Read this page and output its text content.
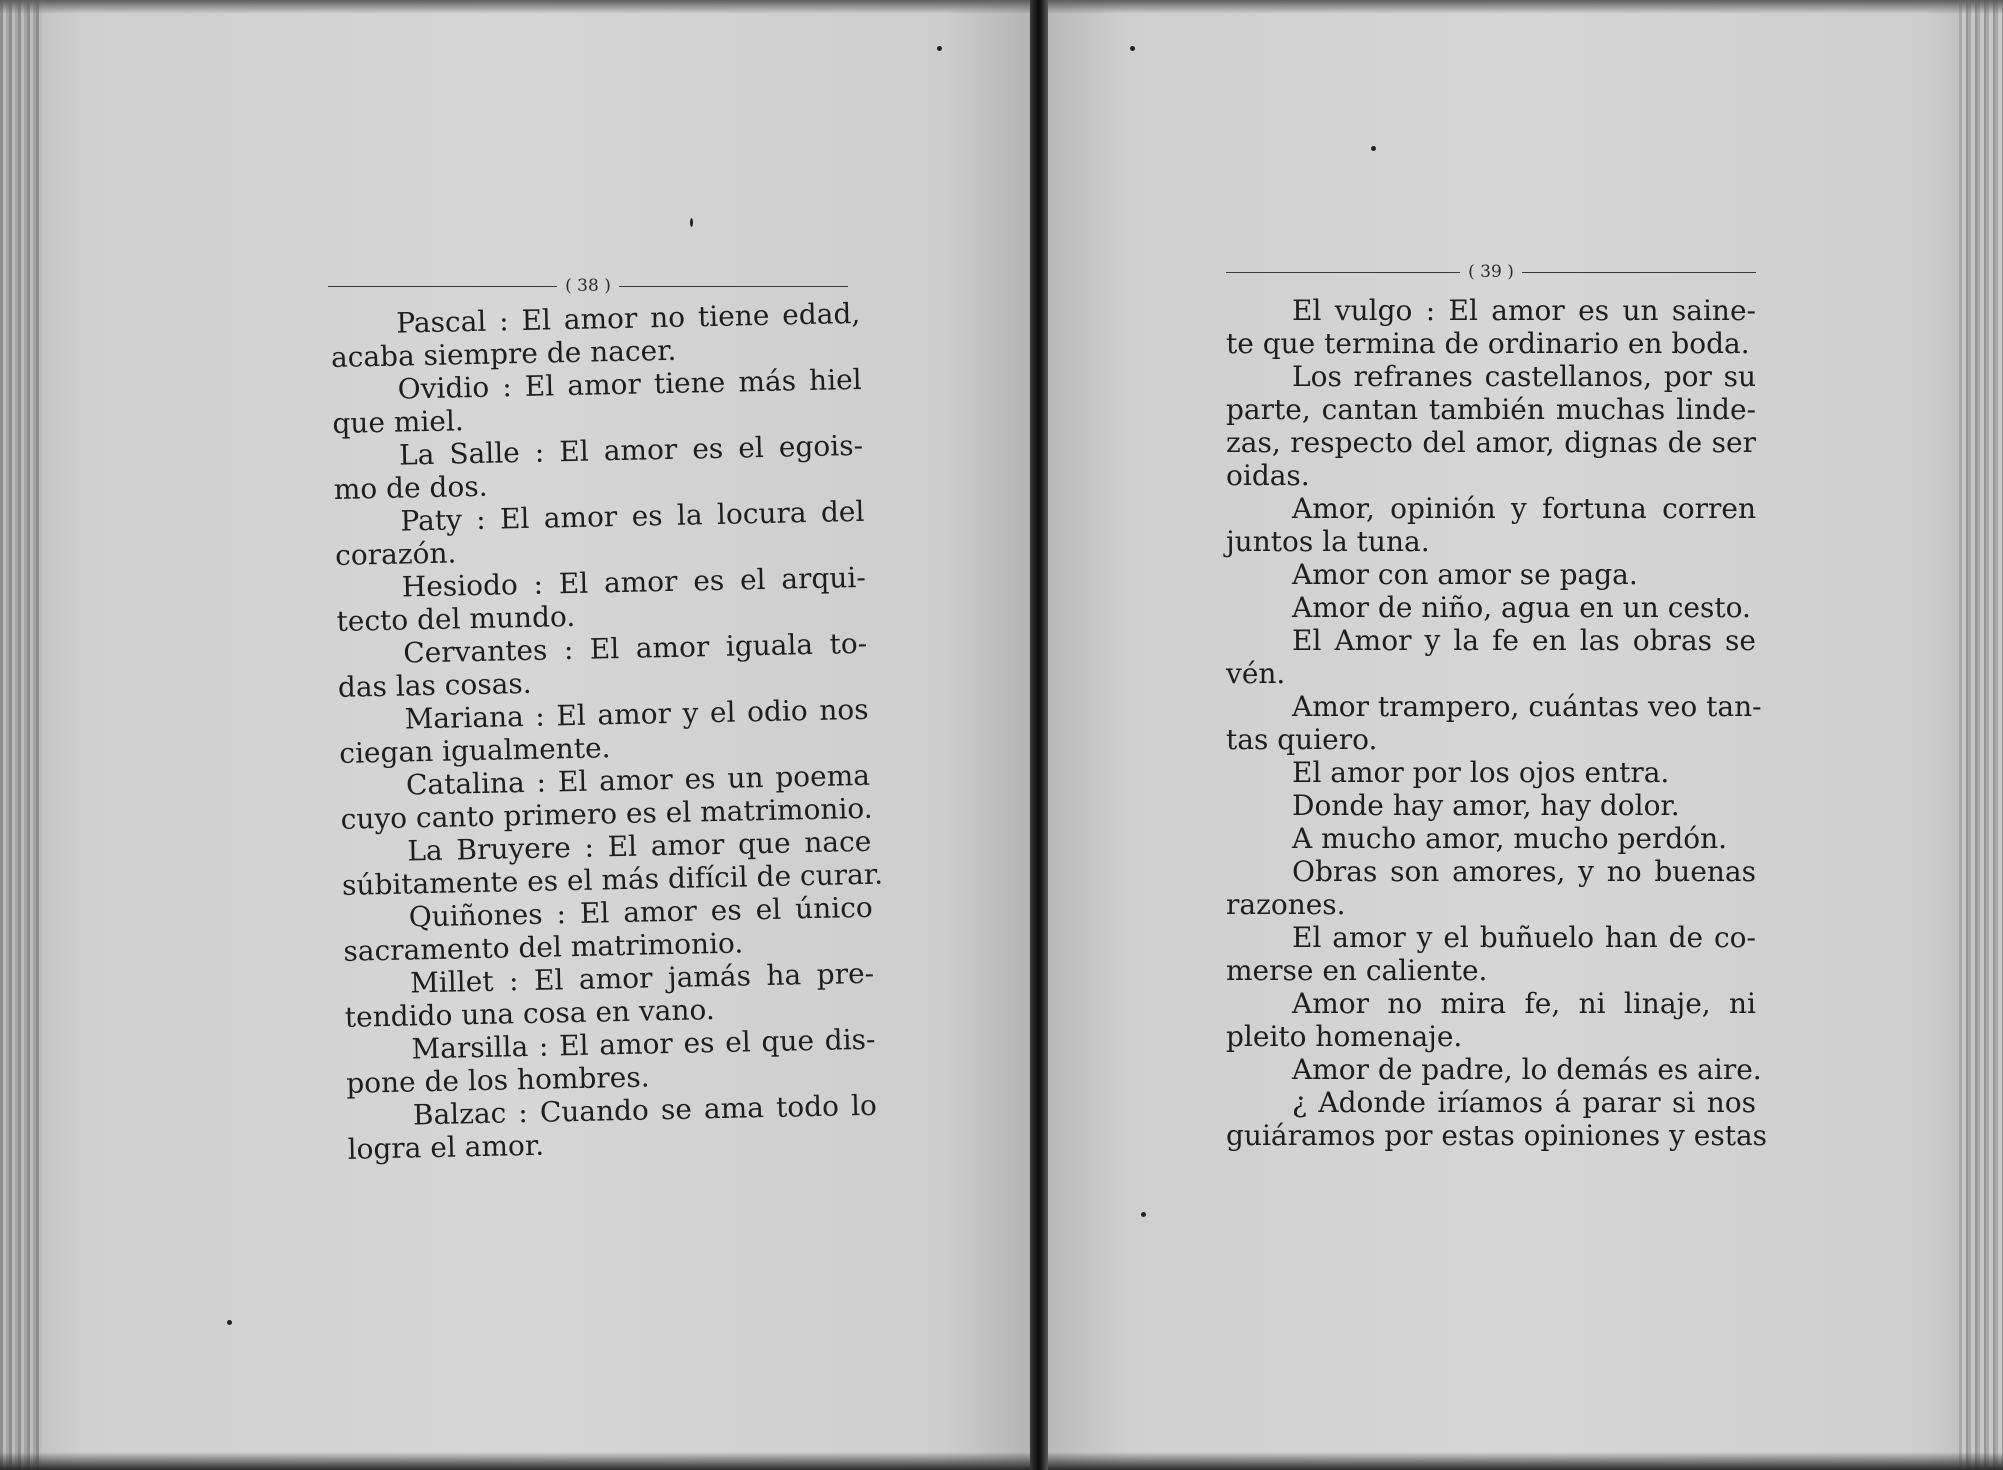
( 38 )
Pascal : El amor no tiene edad,
acaba siempre de nacer.
Ovidio : El amor tiene más hiel
que miel.
La Salle : El amor es el egois-
mo de dos.
Paty : El amor es la locura del
corazón.
Hesiodo : El amor es el arqui-
tecto del mundo.
Cervantes : El amor iguala to-
das las cosas.
Mariana : El amor y el odio nos
ciegan igualmente.
Catalina : El amor es un poema
cuyo canto primero es el matrimonio.
La Bruyere : El amor que nace
súbitamente es el más difícil de curar.
Quiñones : El amor es el único
sacramento del matrimonio.
Millet : El amor jamás ha pre-
tendido una cosa en vano.
Marsilla : El amor es el que dis-
pone de los hombres.
Balzac : Cuando se ama todo lo
logra el amor.
( 39 )
El vulgo : El amor es un saine-
te que termina de ordinario en boda.
Los refranes castellanos, por su
parte, cantan también muchas linde-
zas, respecto del amor, dignas de ser
oidas.
Amor, opinión y fortuna corren
juntos la tuna.
Amor con amor se paga.
Amor de niño, agua en un cesto.
El Amor y la fe en las obras se
vén.
Amor trampero, cuántas veo tan-
tas quiero.
El amor por los ojos entra.
Donde hay amor, hay dolor.
A mucho amor, mucho perdón.
Obras son amores, y no buenas
razones.
El amor y el buñuelo han de co-
merse en caliente.
Amor no mira fe, ni linaje, ni
pleito homenaje.
Amor de padre, lo demás es aire.
¿ Adonde iríamos á parar si nos
guiáramos por estas opiniones y estas
